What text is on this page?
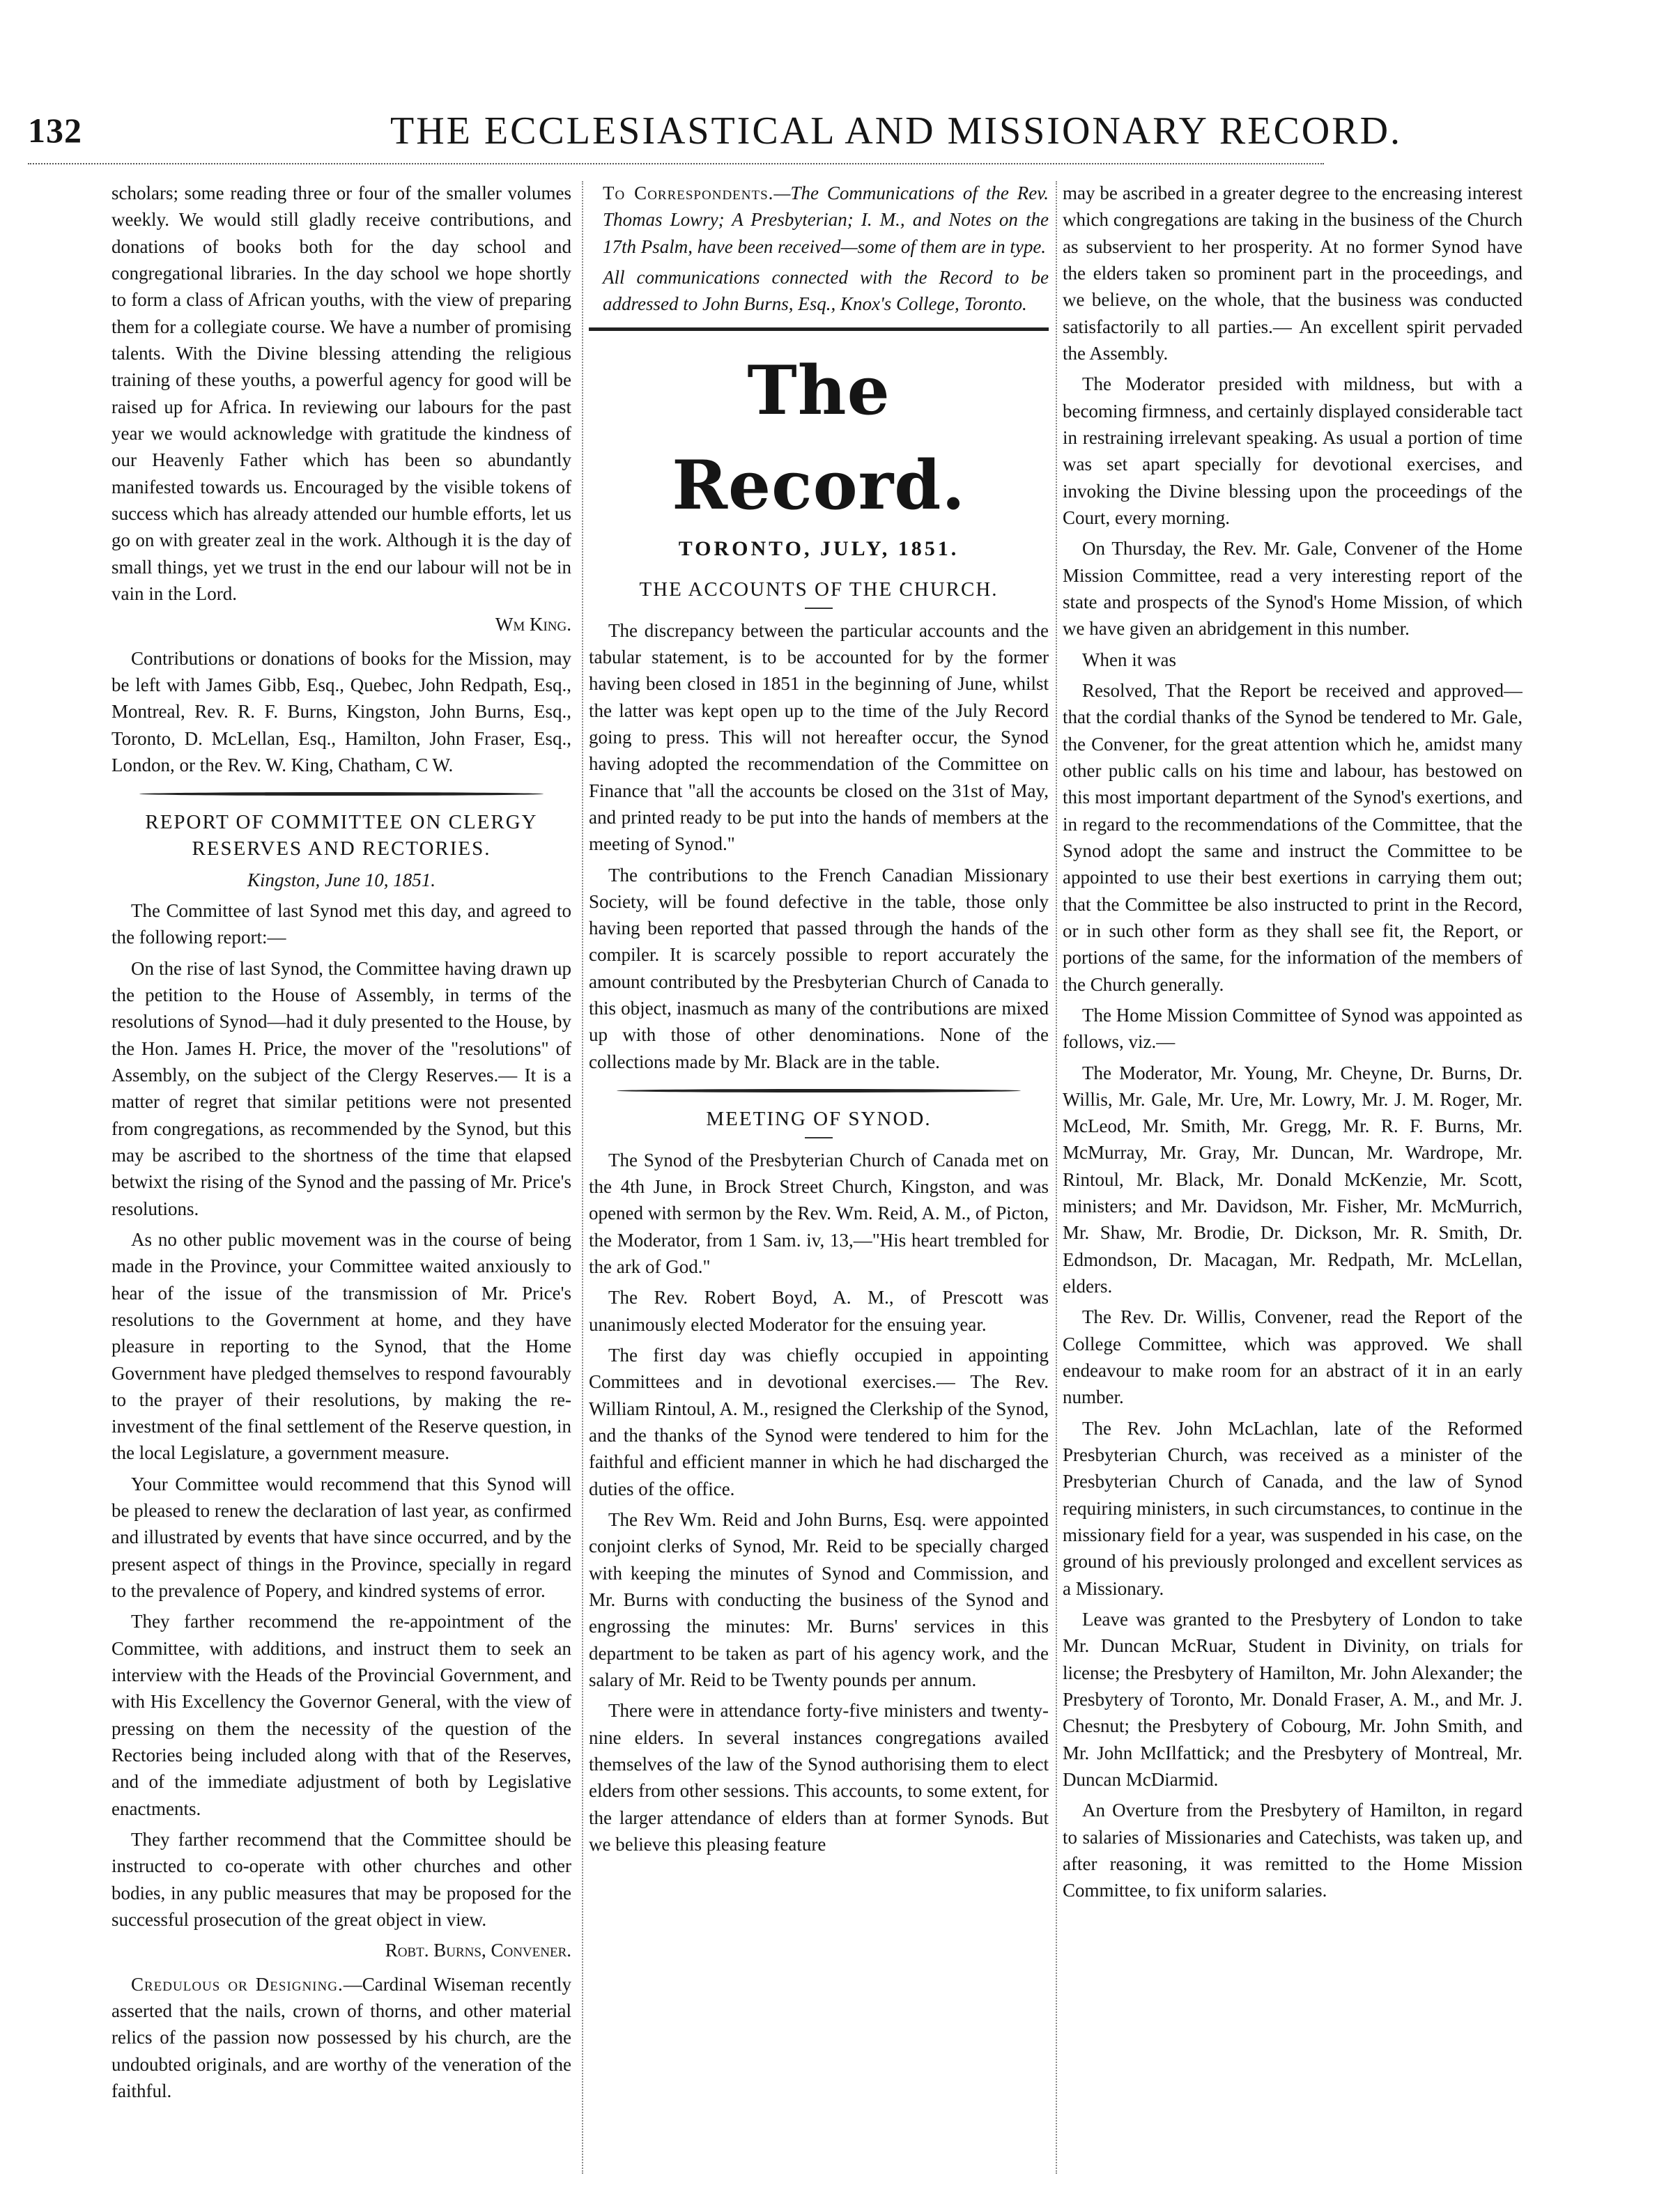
132	THE ECCLESIASTICAL AND MISSIONARY RECORD.

scholars; some reading three or four of the smaller volumes weekly. We would still gladly receive contributions, and donations of books both for the day school and congregational libraries. In the day school we hope shortly to form a class of African youths, with the view of preparing them for a collegiate course. We have a number of promising talents. With the Divine blessing attending the religious training of these youths, a powerful agency for good will be raised up for Africa. In reviewing our labours for the past year we would acknowledge with gratitude the kindness of our Heavenly Father which has been so abundantly manifested towards us. Encouraged by the visible tokens of success which has already attended our humble efforts, let us go on with greater zeal in the work. Although it is the day of small things, yet we trust in the end our labour will not be in vain in the Lord.

Wm King.

Contributions or donations of books for the Mission, may be left with James Gibb, Esq., Quebec, John Redpath, Esq., Montreal, Rev. R. F. Burns, Kingston, John Burns, Esq., Toronto, D. McLellan, Esq., Hamilton, John Fraser, Esq., London, or the Rev. W. King, Chatham, C W.

REPORT OF COMMITTEE ON CLERGY RESERVES AND RECTORIES.
Kingston, June 10, 1851.

The Committee of last Synod met this day, and agreed to the following report:—

On the rise of last Synod, the Committee having drawn up the petition to the House of Assembly, in terms of the resolutions of Synod—had it duly presented to the House, by the Hon. James H. Price, the mover of the "resolutions" of Assembly, on the subject of the Clergy Reserves.— It is a matter of regret that similar petitions were not presented from congregations, as recommended by the Synod, but this may be ascribed to the shortness of the time that elapsed betwixt the rising of the Synod and the passing of Mr. Price's resolutions.

As no other public movement was in the course of being made in the Province, your Committee waited anxiously to hear of the issue of the transmission of Mr. Price's resolutions to the Government at home, and they have pleasure in reporting to the Synod, that the Home Government have pledged themselves to respond favourably to the prayer of their resolutions, by making the re-investment of the final settlement of the Reserve question, in the local Legislature, a government measure.

Your Committee would recommend that this Synod will be pleased to renew the declaration of last year, as confirmed and illustrated by events that have since occurred, and by the present aspect of things in the Province, specially in regard to the prevalence of Popery, and kindred systems of error.

They farther recommend the re-appointment of the Committee, with additions, and instruct them to seek an interview with the Heads of the Provincial Government, and with His Excellency the Governor General, with the view of pressing on them the necessity of the question of the Rectories being included along with that of the Reserves, and of the immediate adjustment of both by Legislative enactments.

They farther recommend that the Committee should be instructed to co-operate with other churches and other bodies, in any public measures that may be proposed for the successful prosecution of the great object in view.

Robt. Burns, Convener.

Credulous or Designing.—Cardinal Wiseman recently asserted that the nails, crown of thorns, and other material relics of the passion now possessed by his church, are the undoubted originals, and are worthy of the veneration of the faithful.

To Correspondents.—The Communications of the Rev. Thomas Lowry; A Presbyterian; I. M., and Notes on the 17th Psalm, have been received—some of them are in type.

All communications connected with the Record to be addressed to John Burns, Esq., Knox's College, Toronto.

The Record.
TORONTO, JULY, 1851.
THE ACCOUNTS OF THE CHURCH.

The discrepancy between the particular accounts and the tabular statement, is to be accounted for by the former having been closed in 1851 in the beginning of June, whilst the latter was kept open up to the time of the July Record going to press. This will not hereafter occur, the Synod having adopted the recommendation of the Committee on Finance that "all the accounts be closed on the 31st of May, and printed ready to be put into the hands of members at the meeting of Synod."

The contributions to the French Canadian Missionary Society, will be found defective in the table, those only having been reported that passed through the hands of the compiler. It is scarcely possible to report accurately the amount contributed by the Presbyterian Church of Canada to this object, inasmuch as many of the contributions are mixed up with those of other denominations. None of the collections made by Mr. Black are in the table.

MEETING OF SYNOD.

The Synod of the Presbyterian Church of Canada met on the 4th June, in Brock Street Church, Kingston, and was opened with sermon by the Rev. Wm. Reid, A. M., of Picton, the Moderator, from 1 Sam. iv, 13,—"His heart trembled for the ark of God."

The Rev. Robert Boyd, A. M., of Prescott was unanimously elected Moderator for the ensuing year.

The first day was chiefly occupied in appointing Committees and in devotional exercises.— The Rev. William Rintoul, A. M., resigned the Clerkship of the Synod, and the thanks of the Synod were tendered to him for the faithful and efficient manner in which he had discharged the duties of the office.

The Rev Wm. Reid and John Burns, Esq. were appointed conjoint clerks of Synod, Mr. Reid to be specially charged with keeping the minutes of Synod and Commission, and Mr. Burns with conducting the business of the Synod and engrossing the minutes: Mr. Burns' services in this department to be taken as part of his agency work, and the salary of Mr. Reid to be Twenty pounds per annum.

There were in attendance forty-five ministers and twenty-nine elders. In several instances congregations availed themselves of the law of the Synod authorising them to elect elders from other sessions. This accounts, to some extent, for the larger attendance of elders than at former Synods. But we believe this pleasing feature

may be ascribed in a greater degree to the encreasing interest which congregations are taking in the business of the Church as subservient to her prosperity. At no former Synod have the elders taken so prominent part in the proceedings, and we believe, on the whole, that the business was conducted satisfactorily to all parties.— An excellent spirit pervaded the Assembly.

The Moderator presided with mildness, but with a becoming firmness, and certainly displayed considerable tact in restraining irrelevant speaking. As usual a portion of time was set apart specially for devotional exercises, and invoking the Divine blessing upon the proceedings of the Court, every morning.

On Thursday, the Rev. Mr. Gale, Convener of the Home Mission Committee, read a very interesting report of the state and prospects of the Synod's Home Mission, of which we have given an abridgement in this number.

When it was

Resolved, That the Report be received and approved—that the cordial thanks of the Synod be tendered to Mr. Gale, the Convener, for the great attention which he, amidst many other public calls on his time and labour, has bestowed on this most important department of the Synod's exertions, and in regard to the recommendations of the Committee, that the Synod adopt the same and instruct the Committee to be appointed to use their best exertions in carrying them out; that the Committee be also instructed to print in the Record, or in such other form as they shall see fit, the Report, or portions of the same, for the information of the members of the Church generally.

The Home Mission Committee of Synod was appointed as follows, viz.—

The Moderator, Mr. Young, Mr. Cheyne, Dr. Burns, Dr. Willis, Mr. Gale, Mr. Ure, Mr. Lowry, Mr. J. M. Roger, Mr. McLeod, Mr. Smith, Mr. Gregg, Mr. R. F. Burns, Mr. McMurray, Mr. Gray, Mr. Duncan, Mr. Wardrope, Mr. Rintoul, Mr. Black, Mr. Donald McKenzie, Mr. Scott, ministers; and Mr. Davidson, Mr. Fisher, Mr. McMurrich, Mr. Shaw, Mr. Brodie, Dr. Dickson, Mr. R. Smith, Dr. Edmondson, Dr. Macagan, Mr. Redpath, Mr. McLellan, elders.

The Rev. Dr. Willis, Convener, read the Report of the College Committee, which was approved. We shall endeavour to make room for an abstract of it in an early number.

The Rev. John McLachlan, late of the Reformed Presbyterian Church, was received as a minister of the Presbyterian Church of Canada, and the law of Synod requiring ministers, in such circumstances, to continue in the missionary field for a year, was suspended in his case, on the ground of his previously prolonged and excellent services as a Missionary.

Leave was granted to the Presbytery of London to take Mr. Duncan McRuar, Student in Divinity, on trials for license; the Presbytery of Hamilton, Mr. John Alexander; the Presbytery of Toronto, Mr. Donald Fraser, A. M., and Mr. J. Chesnut; the Presbytery of Cobourg, Mr. John Smith, and Mr. John McIlfattick; and the Presbytery of Montreal, Mr. Duncan McDiarmid.

An Overture from the Presbytery of Hamilton, in regard to salaries of Missionaries and Catechists, was taken up, and after reasoning, it was remitted to the Home Mission Committee, to fix uniform salaries.
